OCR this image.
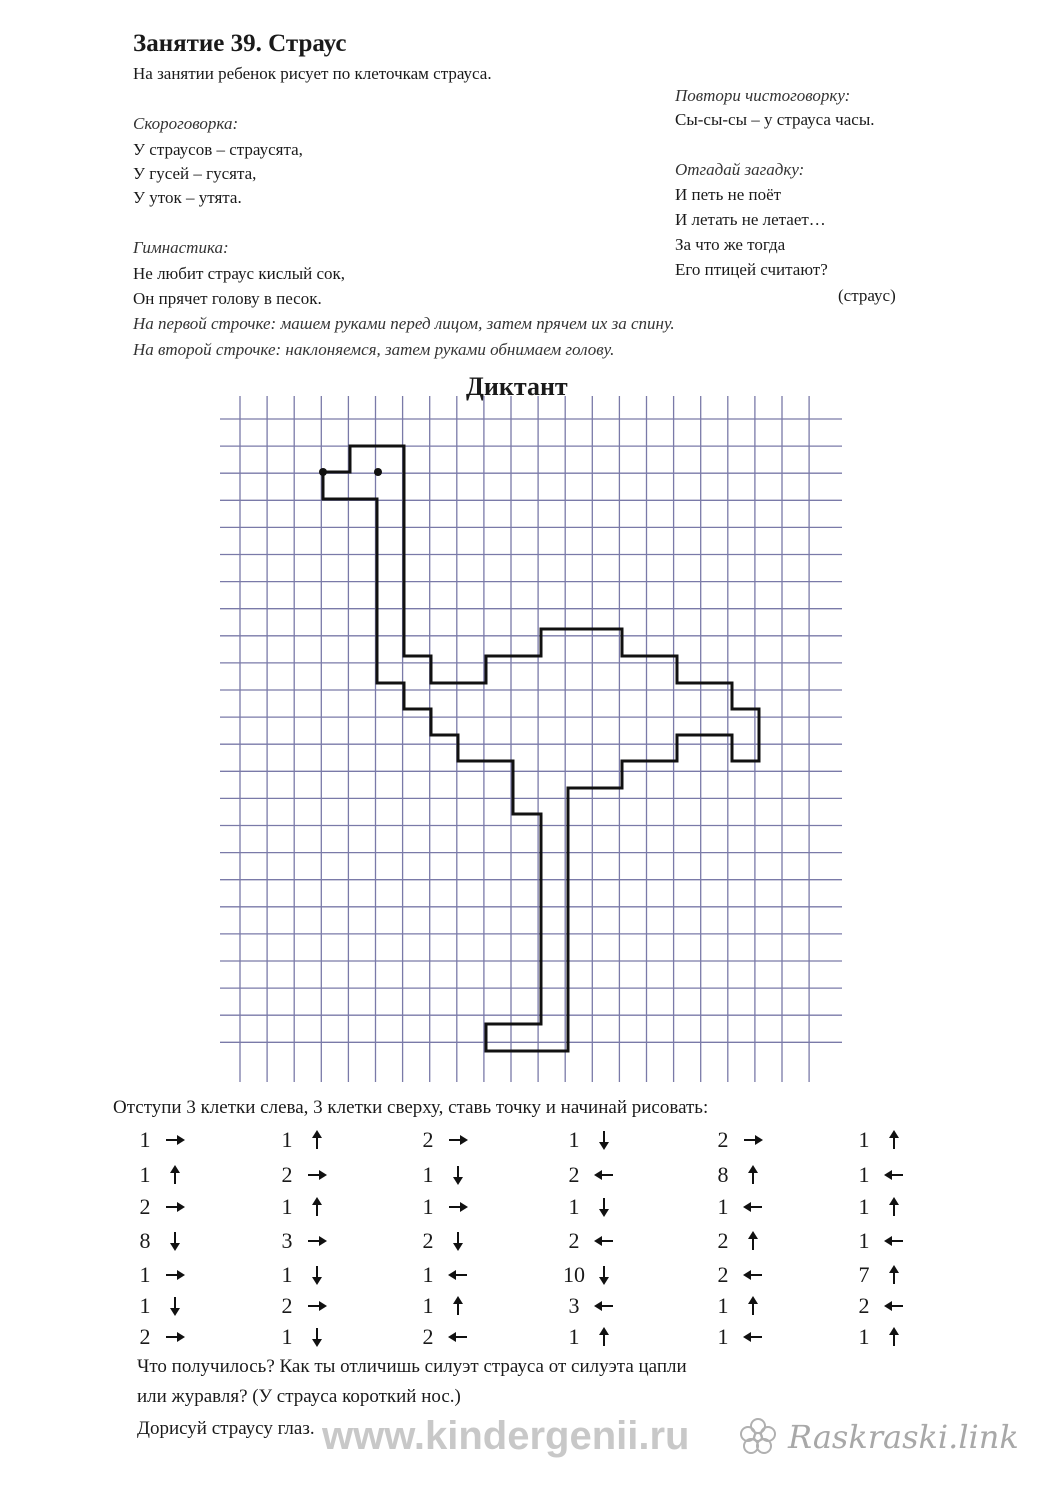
Занятие 39. Страус
На занятии ребенок рисует по клеточкам страуса.
Скороговорка:
У страусов – страусята,
У гусей – гусята,
У уток – утята.
Гимнастика:
Не любит страус кислый сок,
Он прячет голову в песок.
На первой строчке: машем руками перед лицом, затем прячем их за спину.
На второй строчке: наклоняемся, затем руками обнимаем голову.
Повтори чистоговорку:
Сы-сы-сы – у страуса часы.
Отгадай загадку:
И петь не поёт
И летать не летает…
За что же тогда
Его птицей считают?
(страус)
Диктант
Отступи 3 клетки слева, 3 клетки сверху, ставь точку и начинай рисовать:
1
1
2
8
1
1
2
1
2
1
3
1
2
1
2
1
1
2
1
1
2
1
2
1
2
10
3
1
2
8
1
2
2
1
1
1
1
1
1
7
2
1
Что получилось? Как ты отличишь силуэт страуса от силуэта цапли
или журавля? (У страуса короткий нос.)
Дорисуй страусу глаз. www.kindergenii.ru	Raskraski.link
